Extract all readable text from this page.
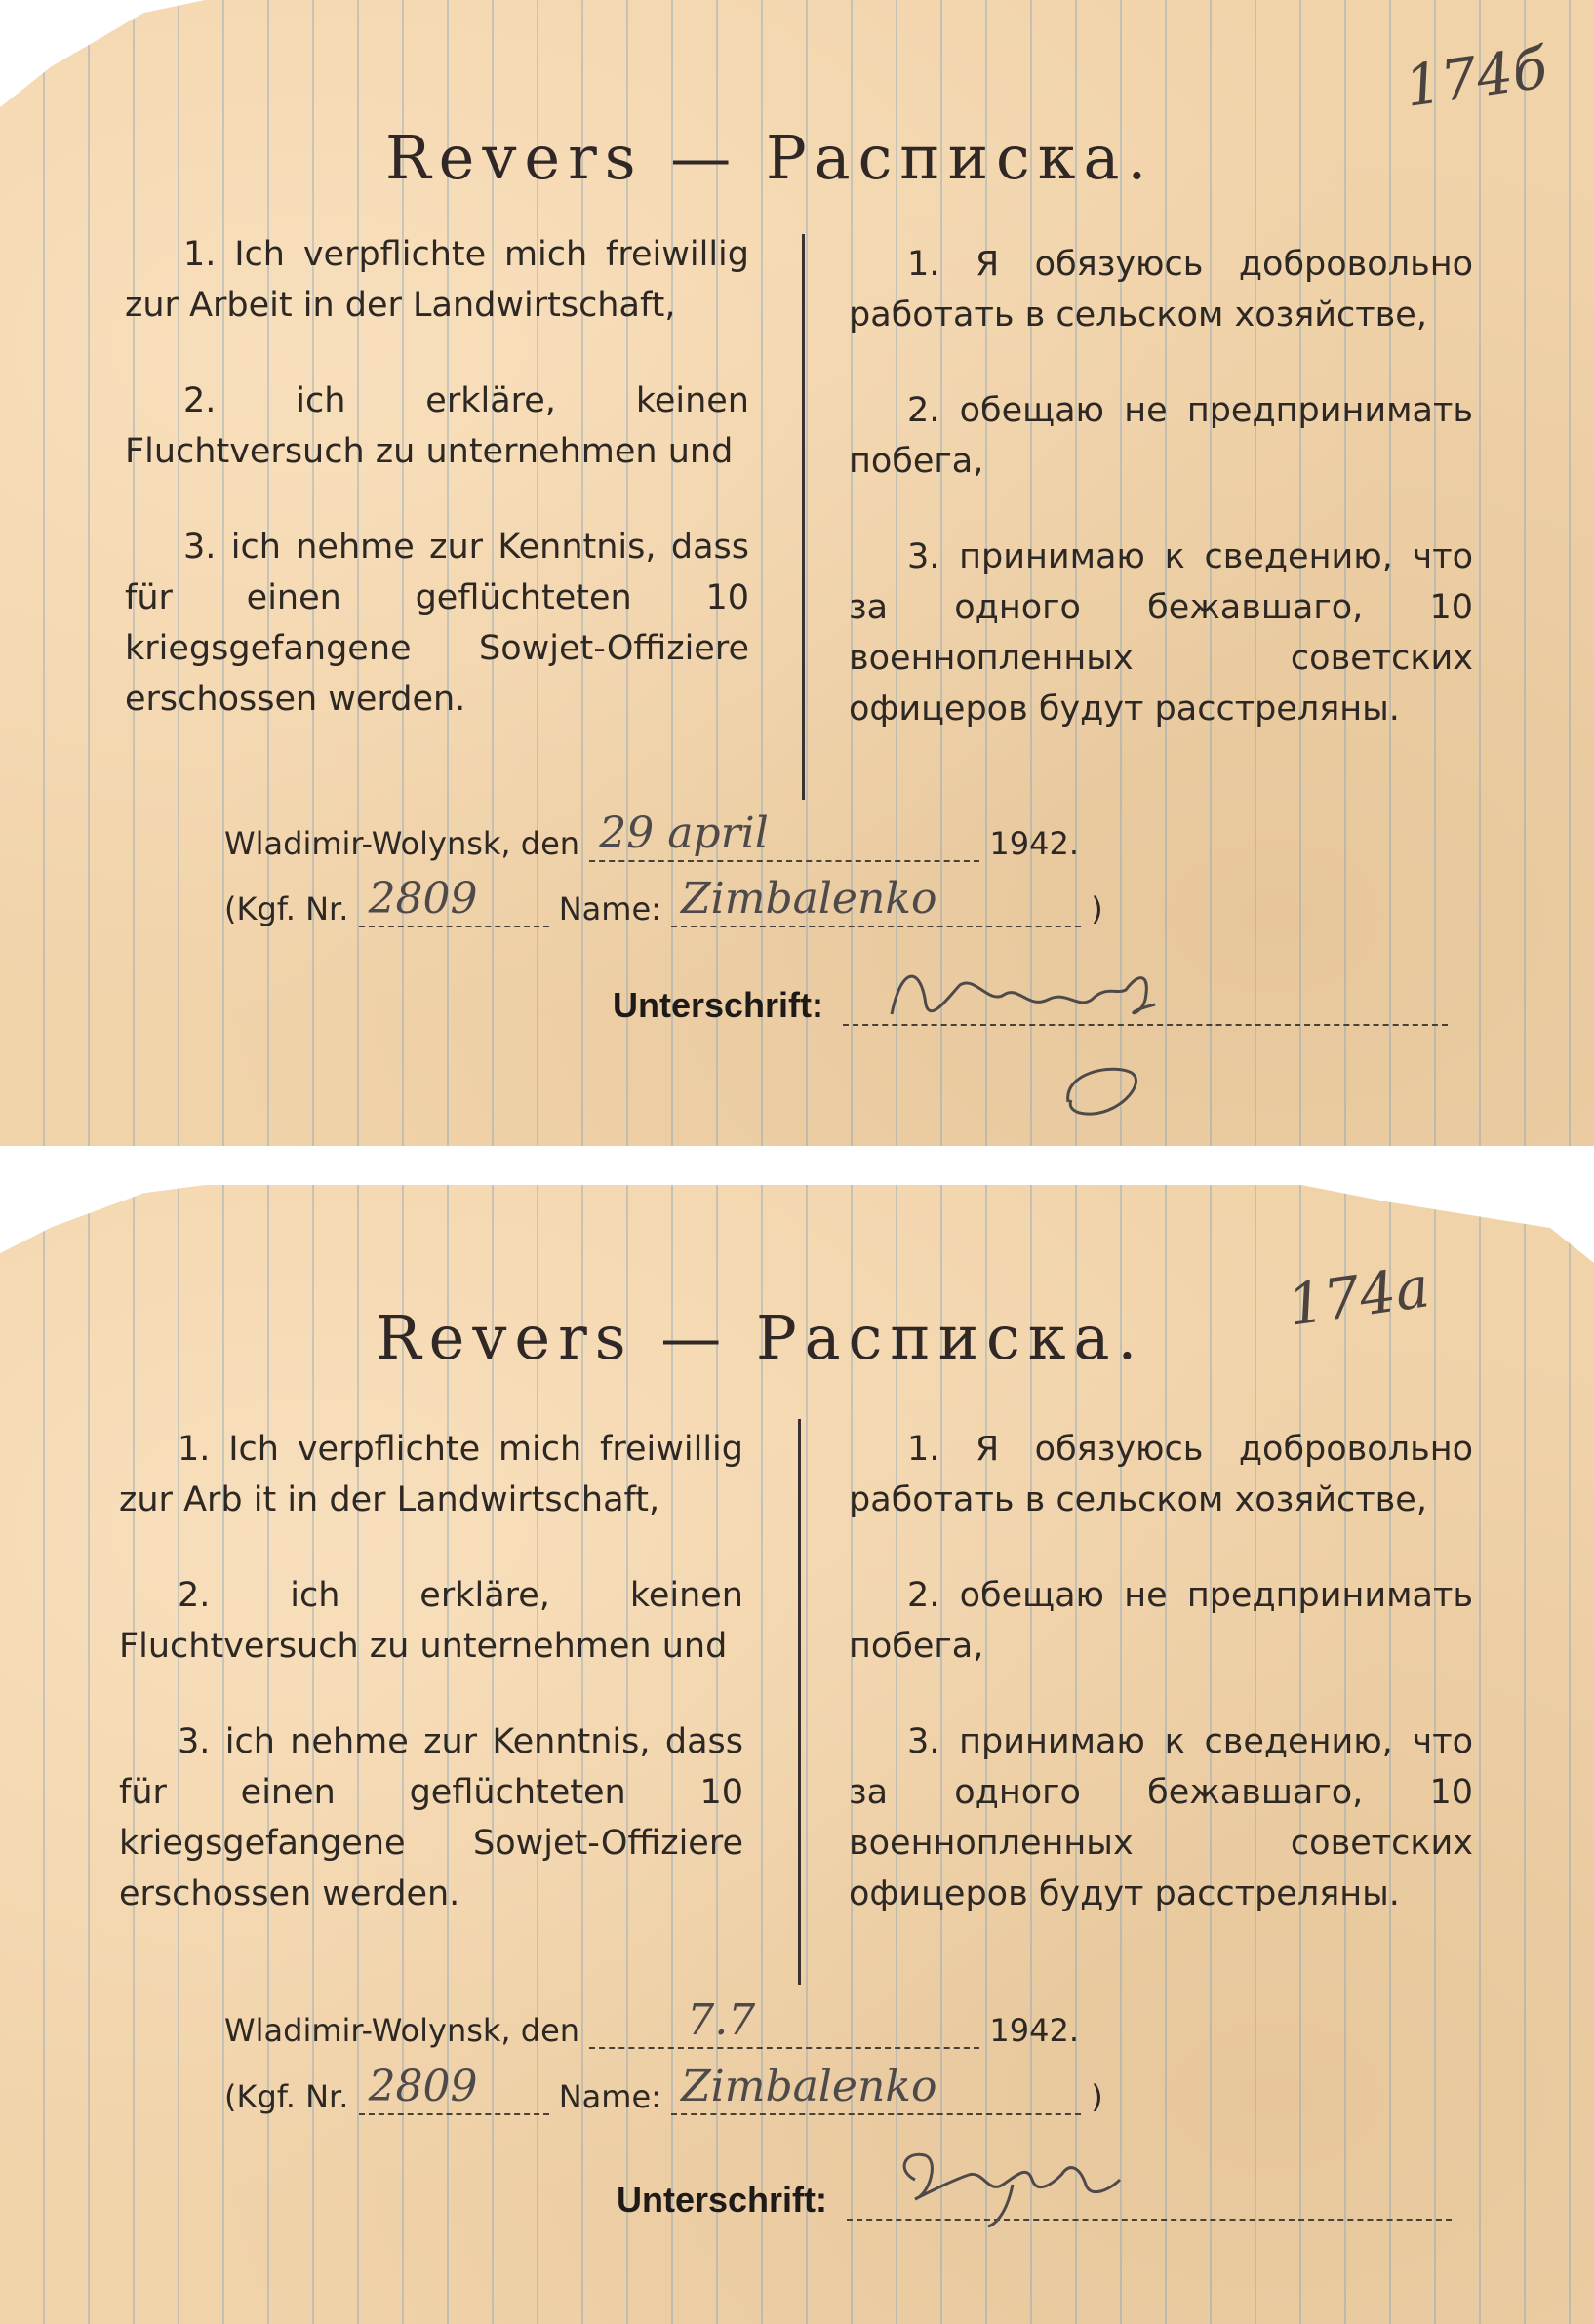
Revers — Расписка.
174б

1. Ich verpflichte mich freiwillig zur Arbeit in der Landwirtschaft,

2. ich erkläre, keinen Fluchtversuch zu unternehmen und

3. ich nehme zur Kenntnis, dass für einen geflüchteten 10 kriegsgefangene Sowjet-Offiziere erschossen werden.

1. Я обязуюсь добровольно работать в сельском хозяйстве,

2. обещаю не предпринимать побега,

3. принимаю к сведению, что за одного бежавшаго, 10 военнопленных советских офицеров будут расстреляны.

Wladimir-Wolynsk, den 29 april	1942.
(Kgf. Nr. 2809	Name: Zimbalenko	)
Unterschrift:
Revers — Расписка.	174a

1. Ich verpflichte mich freiwillig zur Arb it in der Landwirtschaft,

2. ich erkläre, keinen Fluchtversuch zu unternehmen und

3. ich nehme zur Kenntnis, dass für einen geflüchteten 10 kriegsgefangene Sowjet-Offiziere erschossen werden.

1. Я обязуюсь добровольно работать в сельском хозяйстве,

2. обещаю не предпринимать побега,

3. принимаю к сведению, что за одного бежавшаго, 10 военнопленных советских офицеров будут расстреляны.

Wladimir-Wolynsk, den	7.7	1942.
(Kgf. Nr. 2809	Name: Zimbalenko	)
Unterschrift:
